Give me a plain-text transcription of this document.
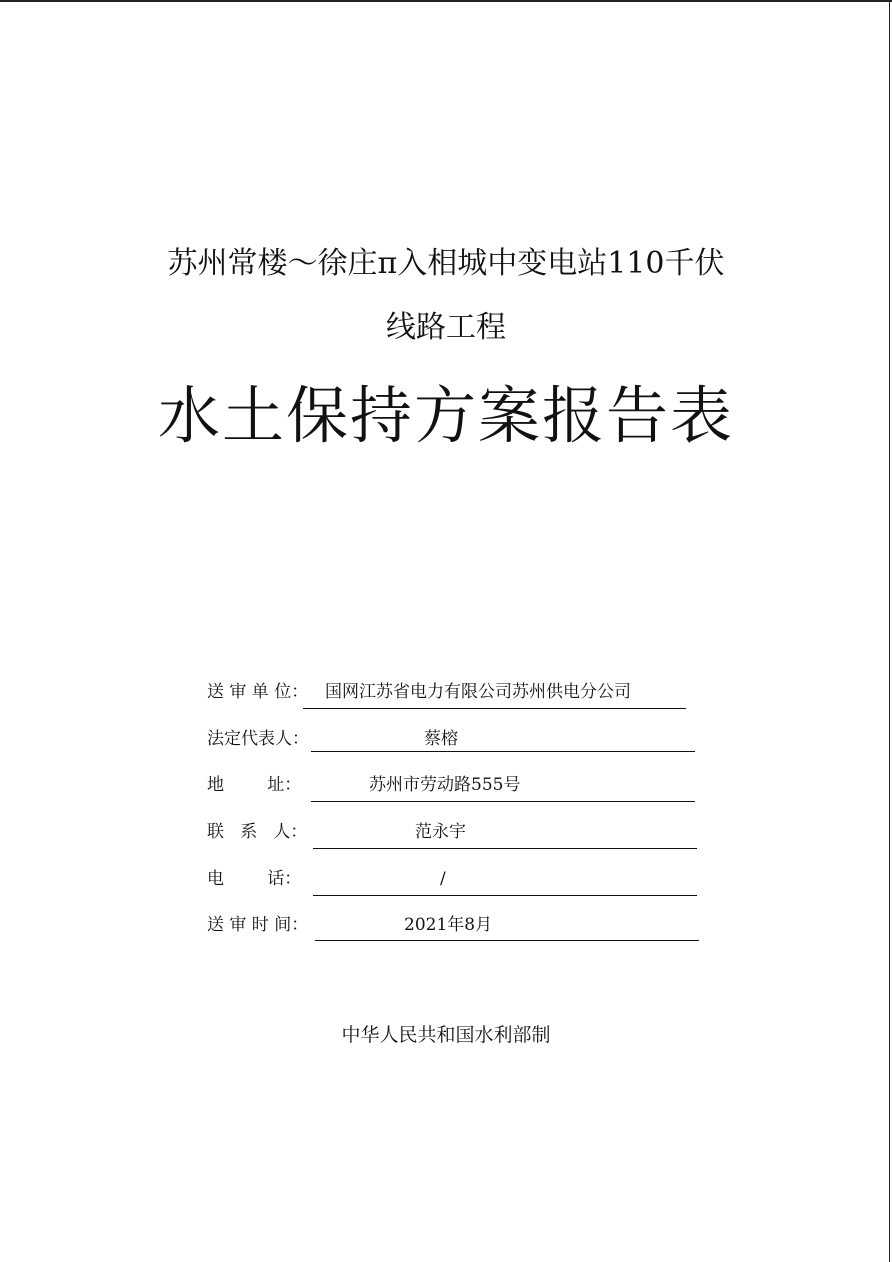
苏州常楼～徐庄π入相城中变电站110千伏
线路工程
水土保持方案报告表
送 审 单 位： 国网江苏省电力有限公司苏州供电分公司
法定代表人：	蔡榕
地        址：	苏州市劳动路555号
联   系   人：	范永宇
电        话：	/
送 审 时 间：	2021年8月
中华人民共和国水利部制
